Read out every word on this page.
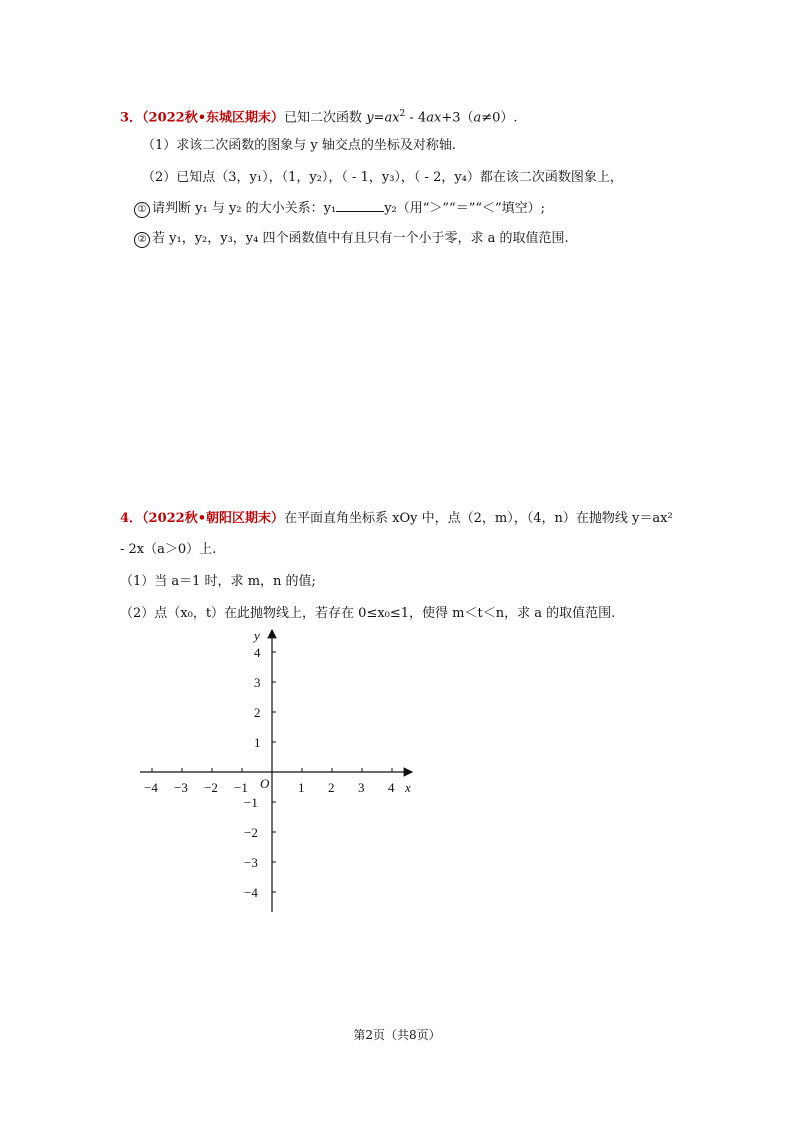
3．（2022秋•东城区期末）已知二次函数 $y=ax^2 - 4ax+3(a\ne 0)$.
（1）求该二次函数的图象与 y 轴交点的坐标及对称轴.
（2）已知点（3，y₁），（1，y₂），（ - 1，y₃），（ - 2，y₄）都在该二次函数图象上，
① 请判断 y₁ 与 y₂ 的大小关系：y₁	y₂（用“＞”“＝”“＜”填空）;
② 若 y₁，y₂，y₃，y₄ 四个函数值中有且只有一个小于零，求 a 的取值范围.
4．（2022秋•朝阳区期末）在平面直角坐标系 xOy 中，点（2，m），（4，n）在抛物线 y＝ax²
- 2x（a＞0）上.
（1）当 a＝1 时，求 m，n 的值;
（2）点（x₀，t）在此抛物线上，若存在 0≤x₀≤1，使得 m＜t＜n，求 a 的取值范围.
−4 −3 −2 −1	1 2 3 4
4
3
2
1
−1
−2
−3
−4
x
y
O
第2页（共8页）
